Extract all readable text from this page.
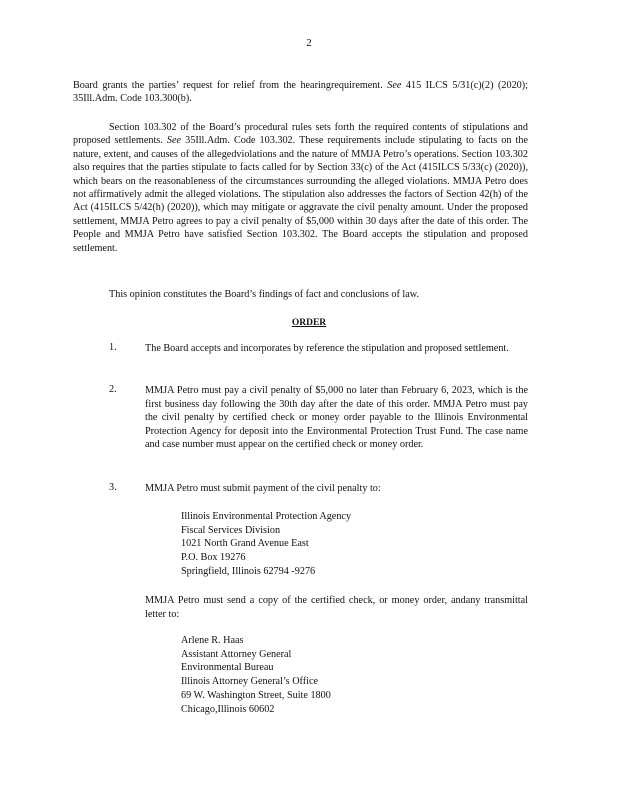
2

Board grants the parties’ request for relief from the hearingrequirement. See 415 ILCS 5/31(c)(2) (2020); 35Ill.Adm. Code 103.300(b).

Section 103.302 of the Board’s procedural rules sets forth the required contents of stipulations and proposed settlements. See 35Ill.Adm. Code 103.302. These requirements include stipulating to facts on the nature, extent, and causes of the allegedviolations and the nature of MMJA Petro’s operations. Section 103.302 also requires that the parties stipulate to facts called for by Section 33(c) of the Act (415ILCS 5/33(c) (2020)), which bears on the reasonableness of the circumstances surrounding the alleged violations. MMJA Petro does not affirmatively admit the alleged violations. The stipulation also addresses the factors of Section 42(h) of the Act (415ILCS 5/42(h) (2020)), which may mitigate or aggravate the civil penalty amount. Under the proposed settlement, MMJA Petro agrees to pay a civil penalty of $5,000 within 30 days after the date of this order. The People and MMJA Petro have satisfied Section 103.302. The Board accepts the stipulation and proposed settlement.

This opinion constitutes the Board’s findings of fact and conclusions of law.

ORDER
1.	The Board accepts and incorporates by reference the stipulation and proposed settlement.
2.	MMJA Petro must pay a civil penalty of $5,000 no later than February 6, 2023, which is the first business day following the 30th day after the date of this order. MMJA Petro must pay the civil penalty by certified check or money order payable to the Illinois Environmental Protection Agency for deposit into the Environmental Protection Trust Fund. The case name and case number must appear on the certified check or money order.
3.	MMJA Petro must submit payment of the civil penalty to:
Illinois Environmental Protection Agency
Fiscal Services Division
1021 North Grand Avenue East
P.O. Box 19276
Springfield, Illinois 62794 -9276
MMJA Petro must send a copy of the certified check, or money order, andany transmittal letter to:
Arlene R. Haas
Assistant Attorney General
Environmental Bureau
Illinois Attorney General’s Office
69 W. Washington Street, Suite 1800
Chicago,Illinois 60602
